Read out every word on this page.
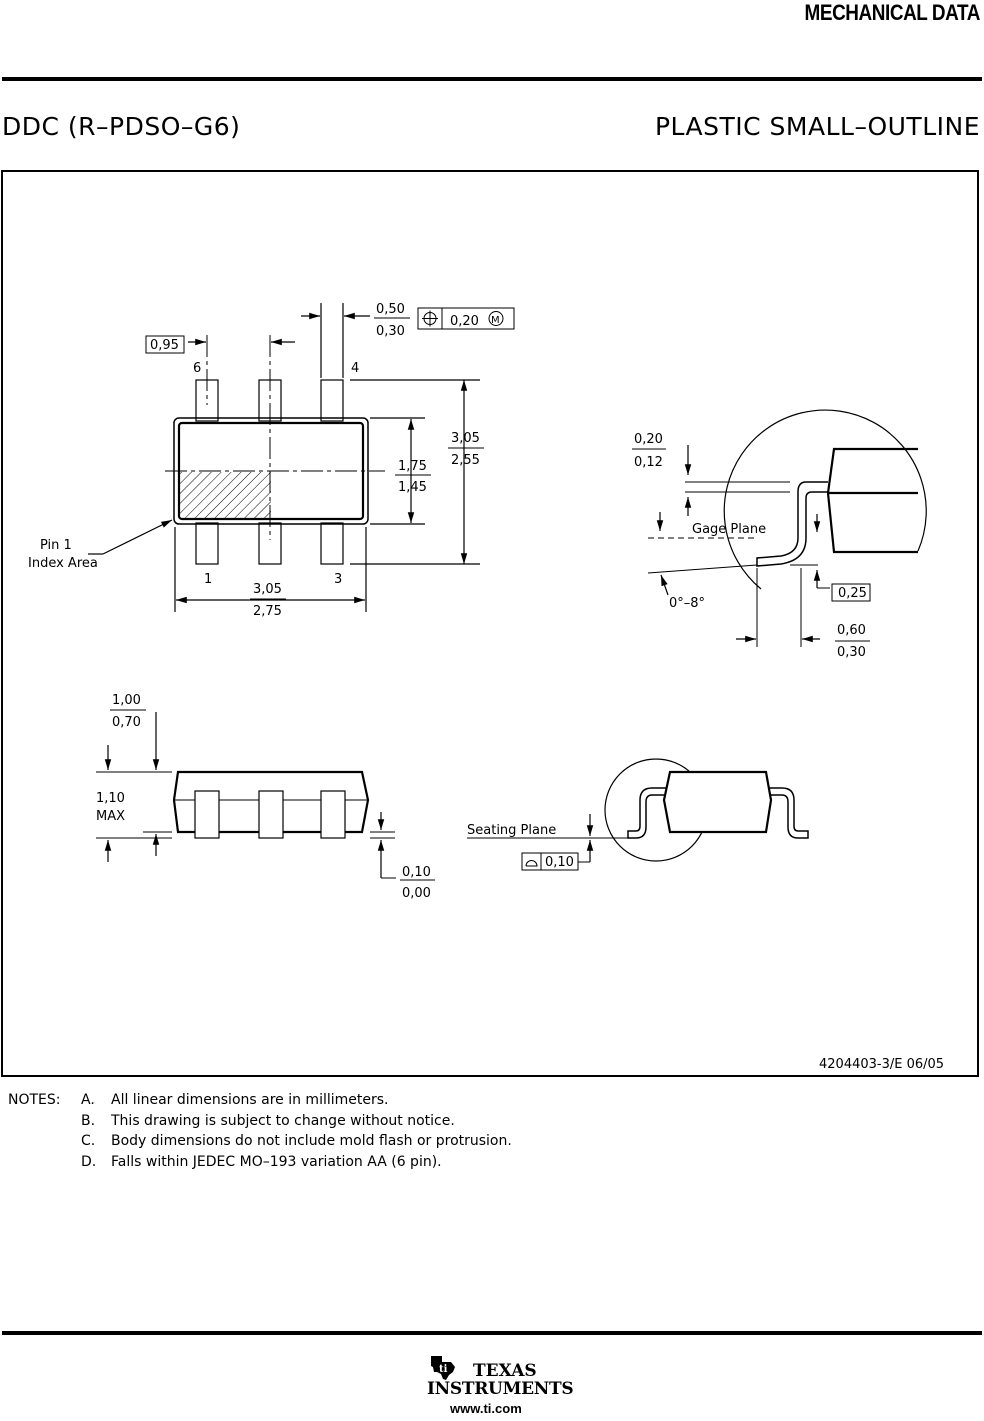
MECHANICAL DATA
DDC (R–PDSO–G6)	PLASTIC SMALL–OUTLINE
0,95
0,50
0,30
0,20 M
6	4
1	3
Pin 1
Index Area
3,05
2,55
1,75
1,45
3,05
2,75
0,20
0,12
Gage Plane
0,25
0°–8°
0,60
0,30
1,00
0,70
1,10
MAX
0,10
0,00
Seating Plane
0,10
4204403-3/E 06/05
NOTES: A. All linear dimensions are in millimeters.
B. This drawing is subject to change without notice.
C. Body dimensions do not include mold flash or protrusion.
D. Falls within JEDEC MO–193 variation AA (6 pin).
ti TEXAS
INSTRUMENTS
www.ti.com
